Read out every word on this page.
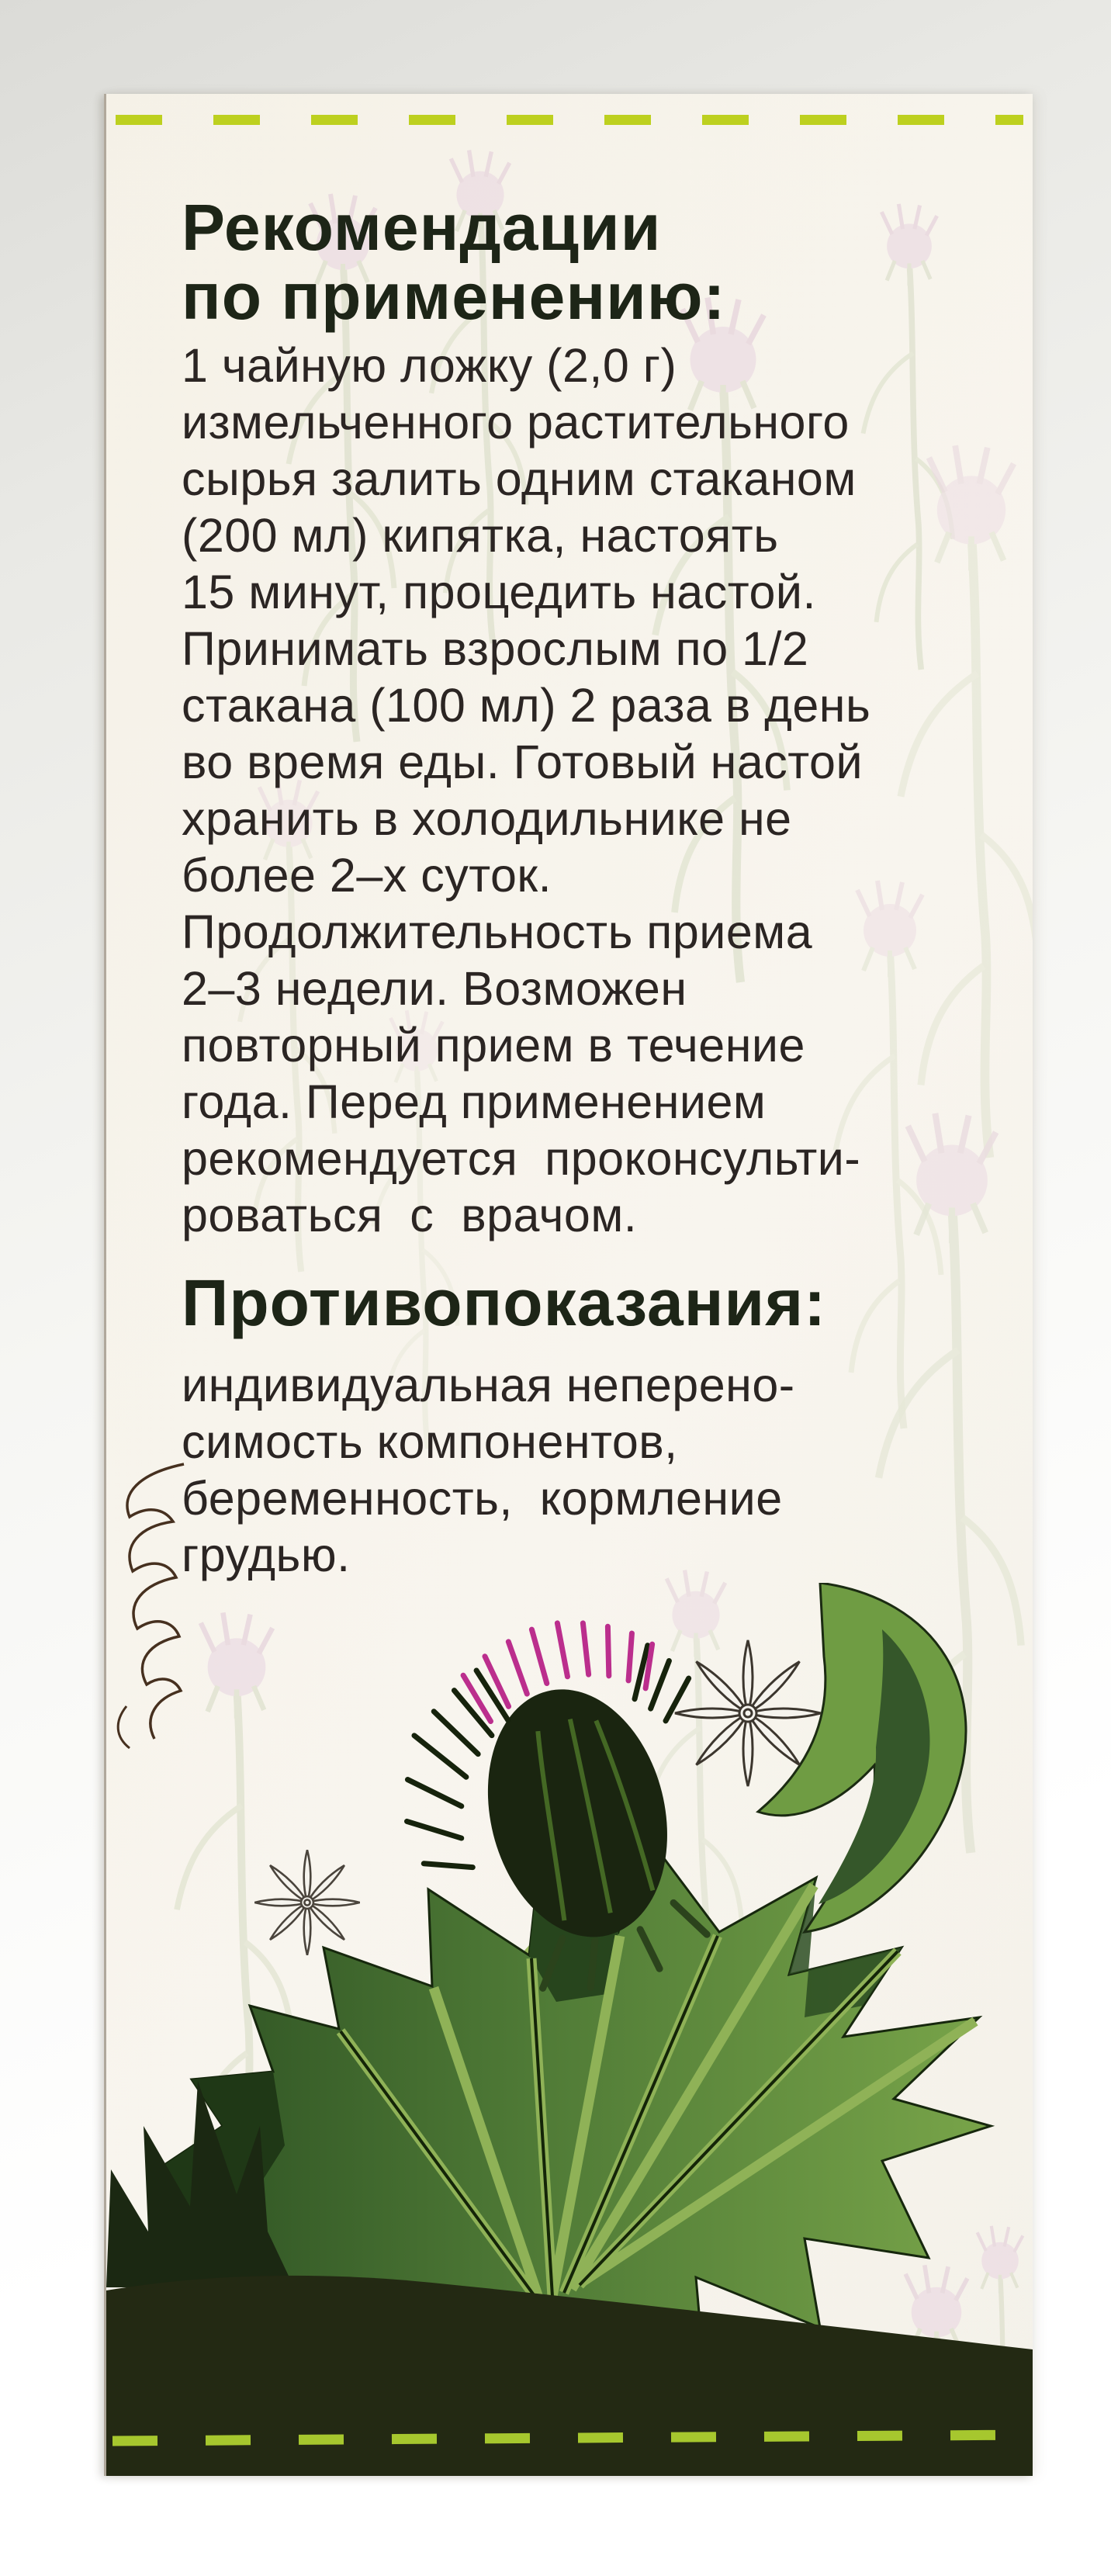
Рекомендации
по применению:
1 чайную ложку (2,0 г)
измельченного растительного
сырья залить одним стаканом
(200 мл) кипятка, настоять
15 минут, процедить настой.
Принимать взрослым по 1/2
стакана (100 мл) 2 раза в день
во время еды. Готовый настой
хранить в холодильнике не
более 2–х суток.
Продолжительность приема
2–3 недели. Возможен
повторный прием в течение
года. Перед применением
рекомендуется  проконсульти-
роваться  с  врачом.
Противопоказания:
индивидуальная неперено-
симость компонентов,
беременность,  кормление
грудью.
